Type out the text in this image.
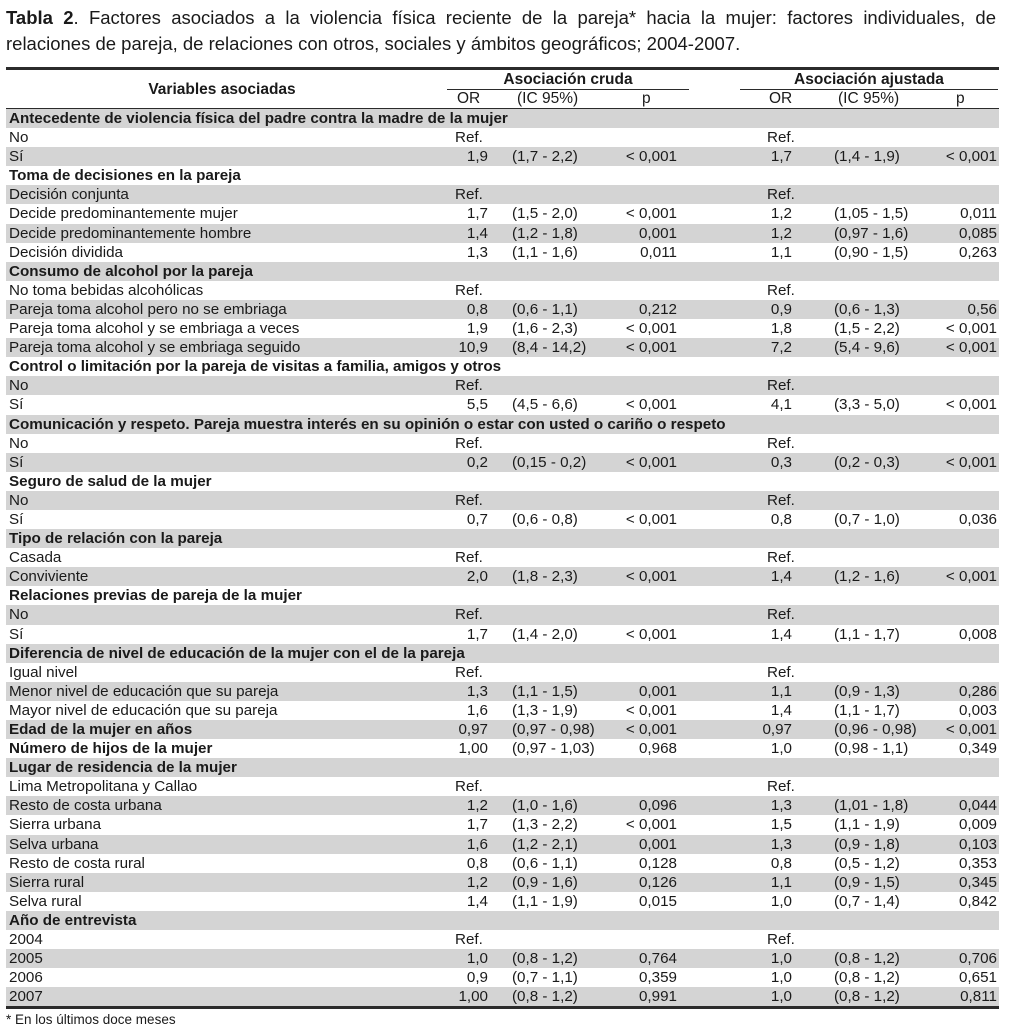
Tabla 2. Factores asociados a la violencia física reciente de la pareja* hacia la mujer: factores individuales, de relaciones de pareja, de relaciones con otros, sociales y ámbitos geográficos; 2004-2007.
Variables asociadas
Asociación cruda	Asociación ajustada
OR (IC 95%)	p	OR	(IC 95%)	p
Antecedente de violencia física del padre contra la madre de la mujer
No	Ref.	Ref.
Sí	1,9 (1,7 - 2,2)	< 0,001	1,7	(1,4 - 1,9)	< 0,001
Toma de decisiones en la pareja
Decisión conjunta	Ref.	Ref.
Decide predominantemente mujer	1,7 (1,5 - 2,0)	< 0,001	1,2	(1,05 - 1,5)	0,011
Decide predominantemente hombre	1,4 (1,2 - 1,8)	0,001	1,2	(0,97 - 1,6)	0,085
Decisión dividida	1,3 (1,1 - 1,6)	0,011	1,1	(0,90 - 1,5)	0,263
Consumo de alcohol por la pareja
No toma bebidas alcohólicas	Ref.	Ref.
Pareja toma alcohol pero no se embriaga	0,8 (0,6 - 1,1)	0,212	0,9	(0,6 - 1,3)	0,56
Pareja toma alcohol y se embriaga a veces	1,9 (1,6 - 2,3)	< 0,001	1,8	(1,5 - 2,2)	< 0,001
Pareja toma alcohol y se embriaga seguido	10,9 (8,4 - 14,2)	< 0,001	7,2	(5,4 - 9,6)	< 0,001
Control o limitación por la pareja de visitas a familia, amigos y otros
No	Ref.	Ref.
Sí	5,5 (4,5 - 6,6)	< 0,001	4,1	(3,3 - 5,0)	< 0,001
Comunicación y respeto. Pareja muestra interés en su opinión o estar con usted o cariño o respeto
No	Ref.	Ref.
Sí	0,2 (0,15 - 0,2)	< 0,001	0,3	(0,2 - 0,3)	< 0,001
Seguro de salud de la mujer
No	Ref.	Ref.
Sí	0,7 (0,6 - 0,8)	< 0,001	0,8	(0,7 - 1,0)	0,036
Tipo de relación con la pareja
Casada	Ref.	Ref.
Conviviente	2,0 (1,8 - 2,3)	< 0,001	1,4	(1,2 - 1,6)	< 0,001
Relaciones previas de pareja de la mujer
No	Ref.	Ref.
Sí	1,7 (1,4 - 2,0)	< 0,001	1,4	(1,1 - 1,7)	0,008
Diferencia de nivel de educación de la mujer con el de la pareja
Igual nivel	Ref.	Ref.
Menor nivel de educación que su pareja	1,3 (1,1 - 1,5)	0,001	1,1	(0,9 - 1,3)	0,286
Mayor nivel de educación que su pareja	1,6 (1,3 - 1,9)	< 0,001	1,4	(1,1 - 1,7)	0,003
Edad de la mujer en años	0,97 (0,97 - 0,98) < 0,001	0,97	(0,96 - 0,98) < 0,001
Número de hijos de la mujer	1,00 (0,97 - 1,03)	0,968	1,0	(0,98 - 1,1)	0,349
Lugar de residencia de la mujer
Lima Metropolitana y Callao	Ref.	Ref.
Resto de costa urbana	1,2 (1,0 - 1,6)	0,096	1,3	(1,01 - 1,8)	0,044
Sierra urbana	1,7 (1,3 - 2,2)	< 0,001	1,5	(1,1 - 1,9)	0,009
Selva urbana	1,6 (1,2 - 2,1)	0,001	1,3	(0,9 - 1,8)	0,103
Resto de costa rural	0,8 (0,6 - 1,1)	0,128	0,8	(0,5 - 1,2)	0,353
Sierra rural	1,2 (0,9 - 1,6)	0,126	1,1	(0,9 - 1,5)	0,345
Selva rural	1,4 (1,1 - 1,9)	0,015	1,0	(0,7 - 1,4)	0,842
Año de entrevista
2004	Ref.	Ref.
2005	1,0 (0,8 - 1,2)	0,764	1,0	(0,8 - 1,2)	0,706
2006	0,9 (0,7 - 1,1)	0,359	1,0	(0,8 - 1,2)	0,651
2007	1,00 (0,8 - 1,2)	0,991	1,0	(0,8 - 1,2)	0,811
* En los últimos doce meses
